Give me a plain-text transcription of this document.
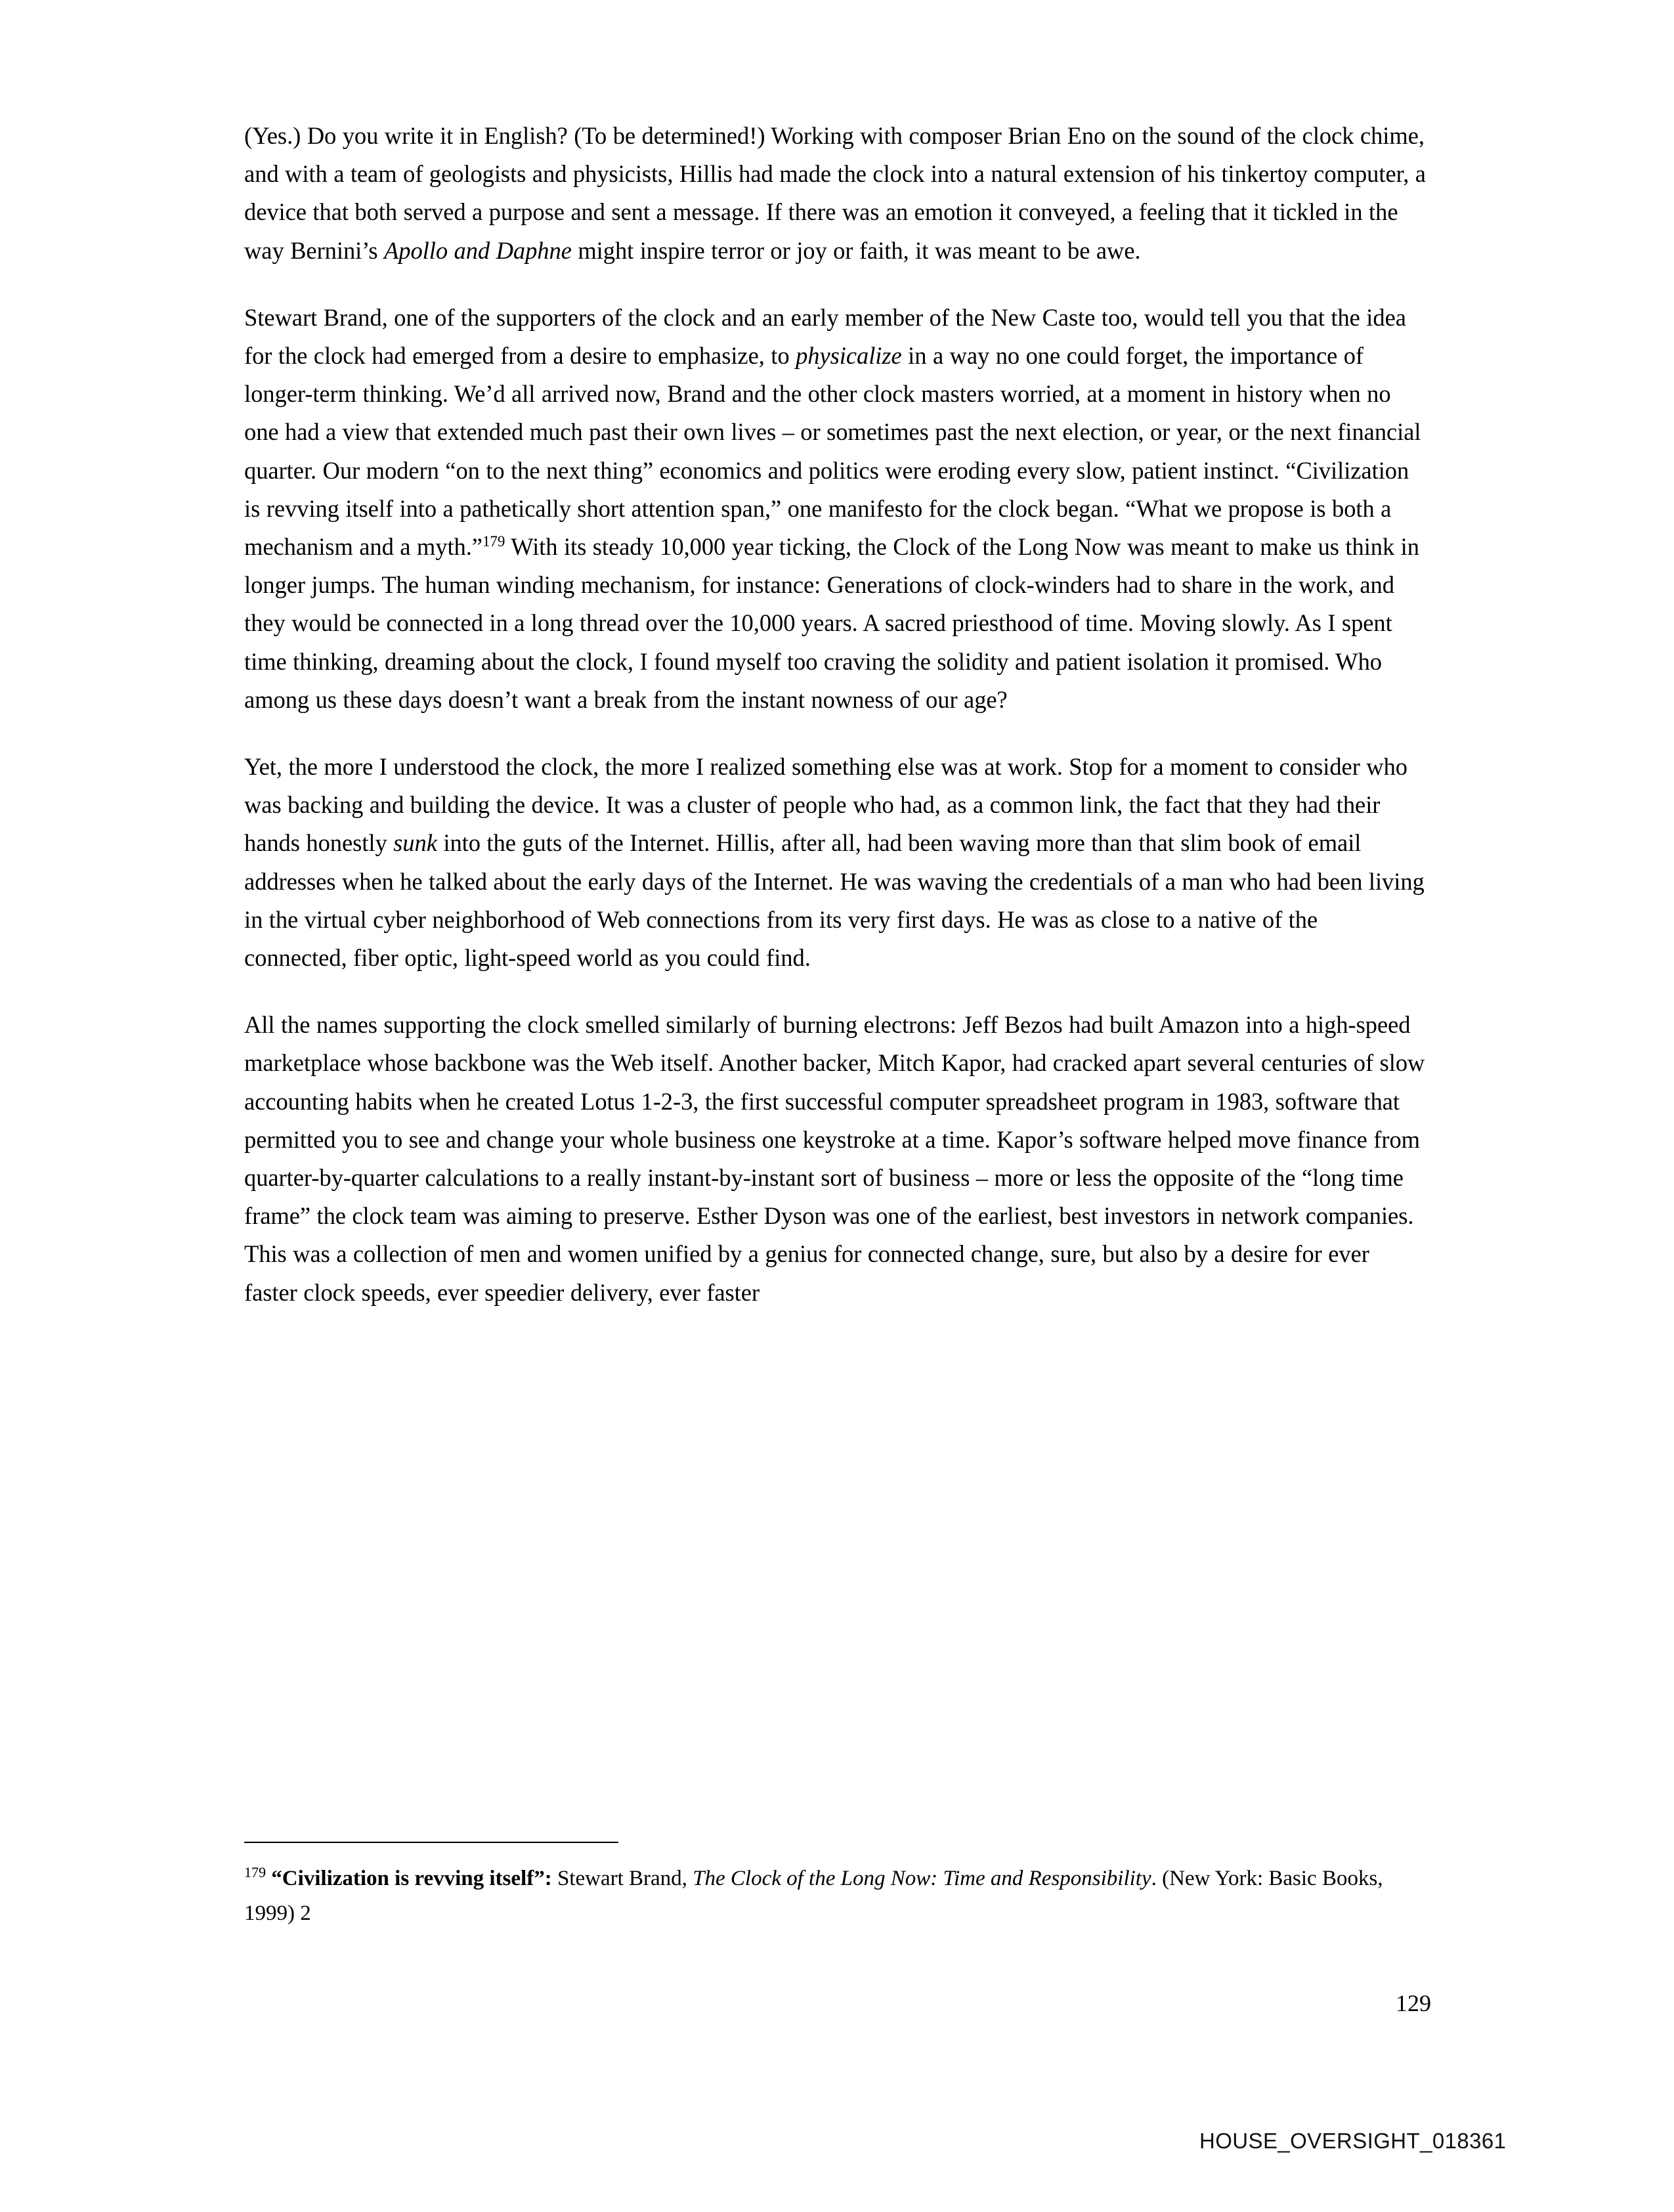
(Yes.) Do you write it in English? (To be determined!) Working with composer Brian Eno on the sound of the clock chime, and with a team of geologists and physicists, Hillis had made the clock into a natural extension of his tinkertoy computer, a device that both served a purpose and sent a message. If there was an emotion it conveyed, a feeling that it tickled in the way Bernini’s Apollo and Daphne might inspire terror or joy or faith, it was meant to be awe.

Stewart Brand, one of the supporters of the clock and an early member of the New Caste too, would tell you that the idea for the clock had emerged from a desire to emphasize, to physicalize in a way no one could forget, the importance of longer-term thinking. We’d all arrived now, Brand and the other clock masters worried, at a moment in history when no one had a view that extended much past their own lives – or sometimes past the next election, or year, or the next financial quarter. Our modern “on to the next thing” economics and politics were eroding every slow, patient instinct. “Civilization is revving itself into a pathetically short attention span,” one manifesto for the clock began. “What we propose is both a mechanism and a myth.”$^{179}$ With its steady 10,000 year ticking, the Clock of the Long Now was meant to make us think in longer jumps. The human winding mechanism, for instance: Generations of clock-winders had to share in the work, and they would be connected in a long thread over the 10,000 years. A sacred priesthood of time. Moving slowly. As I spent time thinking, dreaming about the clock, I found myself too craving the solidity and patient isolation it promised. Who among us these days doesn’t want a break from the instant nowness of our age?

Yet, the more I understood the clock, the more I realized something else was at work. Stop for a moment to consider who was backing and building the device. It was a cluster of people who had, as a common link, the fact that they had their hands honestly sunk into the guts of the Internet. Hillis, after all, had been waving more than that slim book of email addresses when he talked about the early days of the Internet. He was waving the credentials of a man who had been living in the virtual cyber neighborhood of Web connections from its very first days. He was as close to a native of the connected, fiber optic, light-speed world as you could find.

All the names supporting the clock smelled similarly of burning electrons: Jeff Bezos had built Amazon into a high-speed marketplace whose backbone was the Web itself. Another backer, Mitch Kapor, had cracked apart several centuries of slow accounting habits when he created Lotus 1-2-3, the first successful computer spreadsheet program in 1983, software that permitted you to see and change your whole business one keystroke at a time. Kapor’s software helped move finance from quarter-by-quarter calculations to a really instant-by-instant sort of business – more or less the opposite of the “long time frame” the clock team was aiming to preserve. Esther Dyson was one of the earliest, best investors in network companies. This was a collection of men and women unified by a genius for connected change, sure, but also by a desire for ever faster clock speeds, ever speedier delivery, ever faster

$^{179}$ “Civilization is revving itself”: Stewart Brand, The Clock of the Long Now: Time and Responsibility. (New York: Basic Books, 1999) 2

129
HOUSE_OVERSIGHT_018361
